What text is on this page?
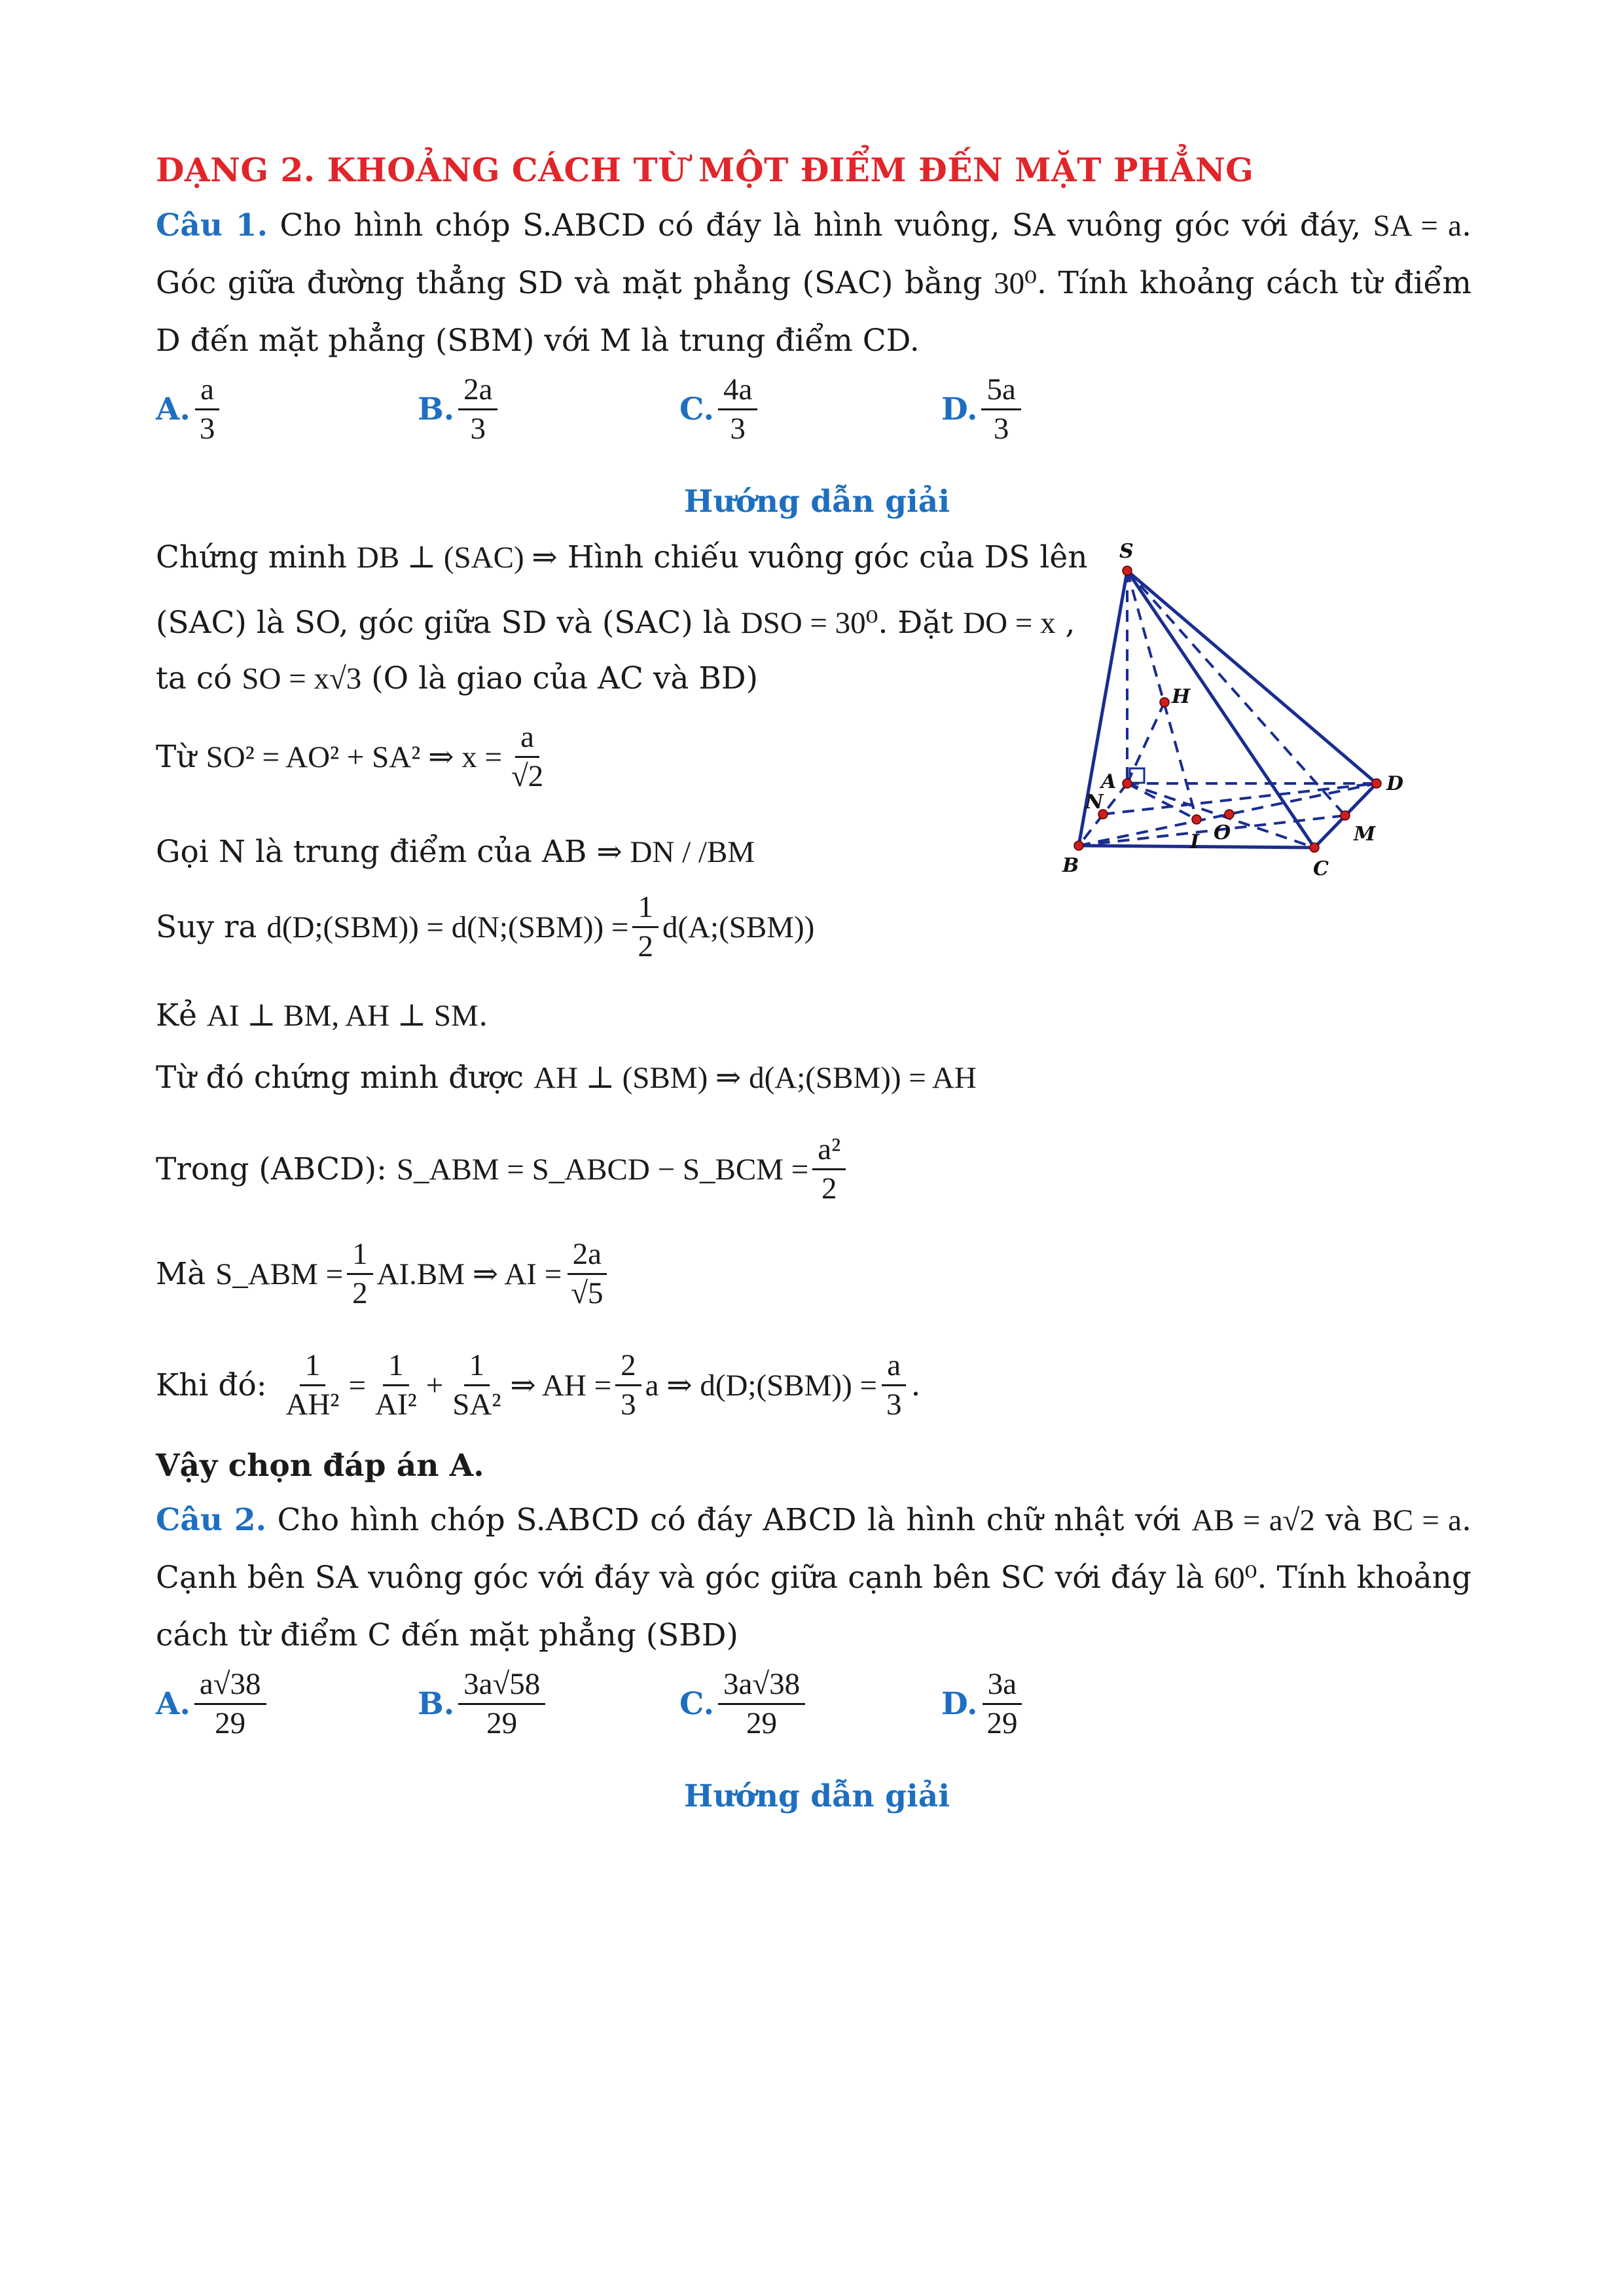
DẠNG 2. KHOẢNG CÁCH TỪ MỘT ĐIỂM ĐẾN MẶT PHẲNG

Câu 1. Cho hình chóp S.ABCD có đáy là hình vuông, SA vuông góc với đáy, SA = a. Góc giữa đường thẳng SD và mặt phẳng (SAC) bằng 30⁰. Tính khoảng cách từ điểm D đến mặt phẳng (SBM) với M là trung điểm CD.

A. $\frac{a}{3}$	B. $\frac{2a}{3}$	C. $\frac{4a}{3}$	D. $\frac{5a}{3}$

Hướng dẫn giải

Chứng minh
DB ⊥ (SAC) ⇒
Hình chiếu vuông góc của DS lên

(SAC) là SO, góc giữa SD và (SAC) là
DSO = 30⁰ . Đặt
DO = x
,

ta có
SO = x√3
(O là giao của AC và BD)

Từ
SO² = AO² + SA² ⇒ $x = \frac{a}{√2}$

Gọi N là trung điểm của AB
⇒ DN / /BM

Suy ra
d(D;(SBM)) = d(N;(SBM)) = $\frac{1}{2}$ d(A;(SBM))

Kẻ
AI ⊥ BM, AH ⊥ SM .

Từ đó chứng minh được
AH ⊥ (SBM) ⇒ d(A;(SBM)) = AH

Trong (ABCD):
S_ABM = S_ABCD − S_BCM = $\frac{\text{a²}}{2}$

Mà
S_ABM = $\frac{1}{2} AI.BM$ ⇒ AI = $\frac{2a}{√5}$

Khi đó:
$\frac{1}{\text{AH²}} = \frac{1}{\text{AI²}} + \frac{1}{\text{SA²}}$ ⇒ AH = $\frac{2}{3}$ a ⇒ d(D;(SBM)) = $\frac{a}{3}$ .

S
A
B	C
D
H
N
O	M
I

Vậy chọn đáp án A.

Câu 2. Cho hình chóp S.ABCD có đáy ABCD là hình chữ nhật với AB = a√2 và BC = a. Cạnh bên SA vuông góc với đáy và góc giữa cạnh bên SC với đáy là 60⁰. Tính khoảng cách từ điểm C đến mặt phẳng (SBD)

A. $\frac{a√38}{29}$	B. $\frac{3a√58}{29}$	C. $\frac{3a√38}{29}$	D. $\frac{3a}{29}$

Hướng dẫn giải
